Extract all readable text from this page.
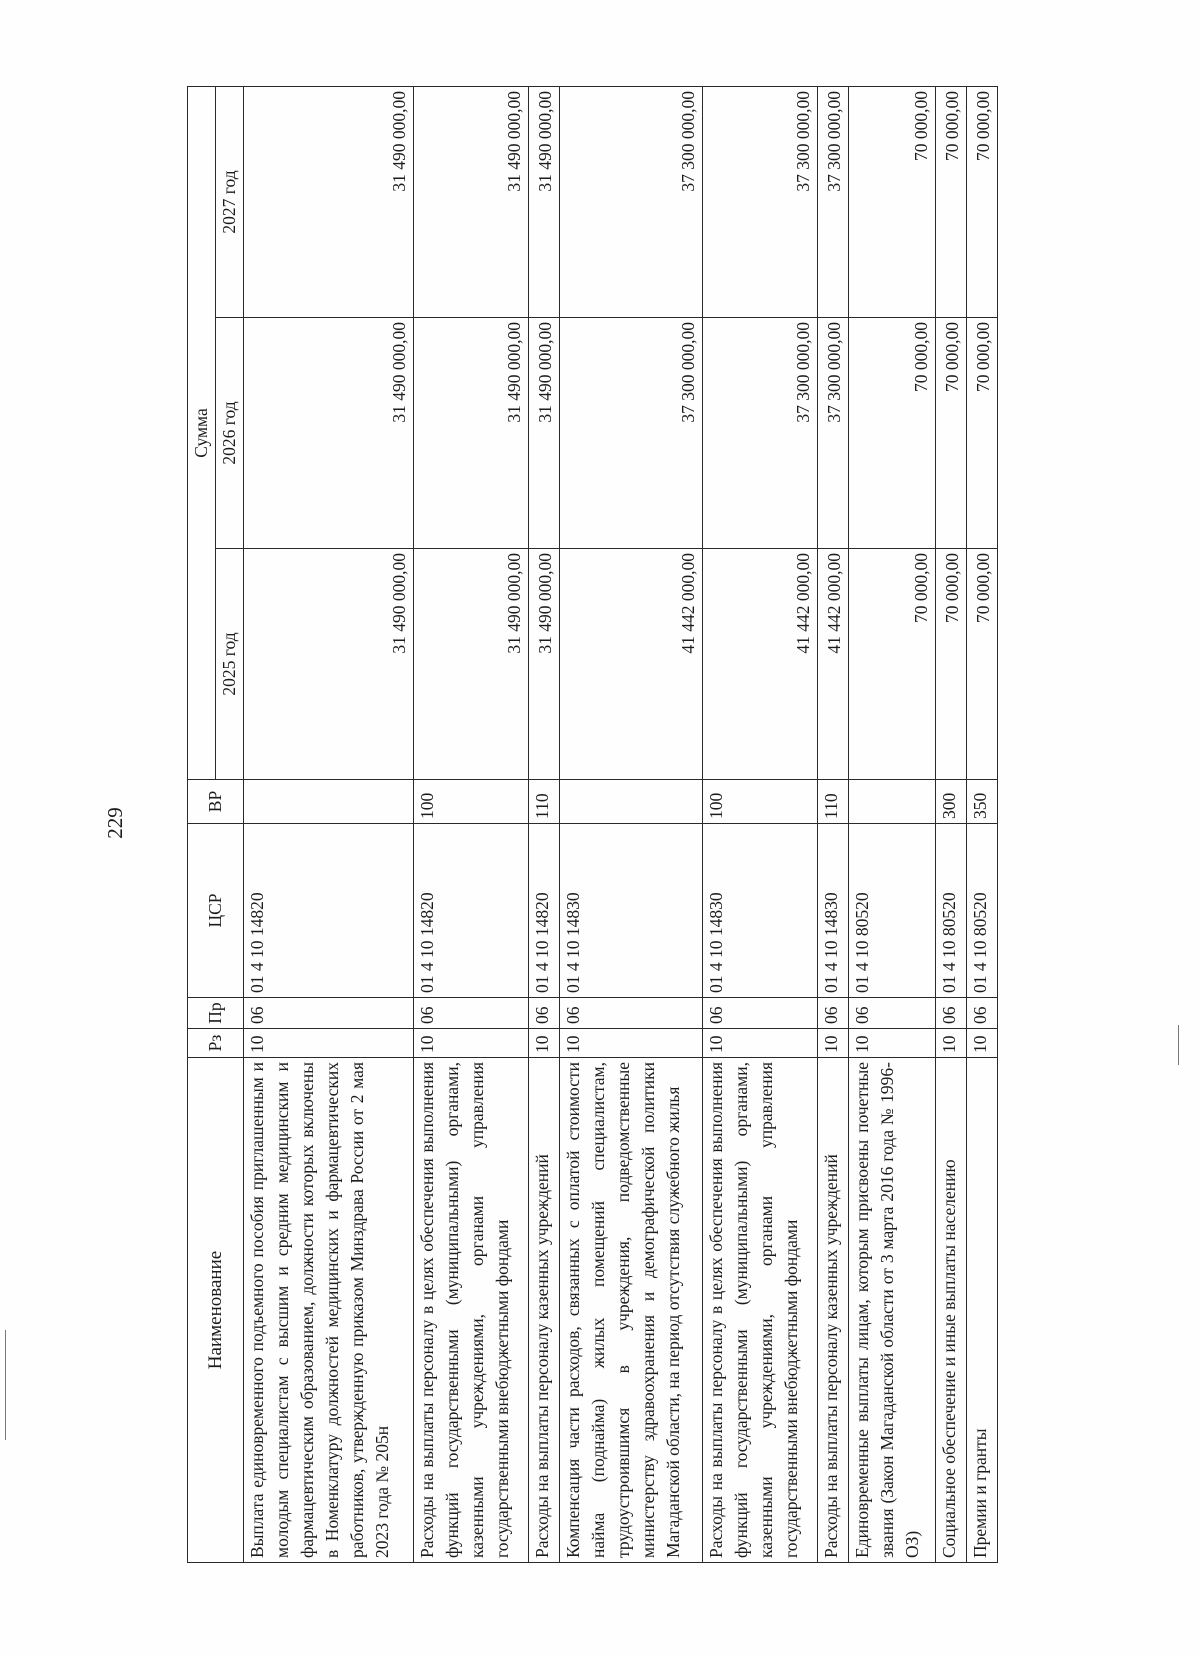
229
Наименование	Рз	Пр	ЦСР	ВР	Сумма		
					2025 год	2026 год	2027 год
Выплата единовременного подъемного пособия приглашенным и молодым специалистам с высшим и средним медицинским и фармацевтическим образованием, должности которых включены в Номенклатуру должностей медицинских и фармацевтических работников, утвержденную приказом Минздрава России от 2 мая 2023 года № 205н	10	06	01 4 10 14820		31 490 000,00	31 490 000,00	31 490 000,00
Расходы на выплаты персоналу в целях обеспечения выполнения функций государственными (муниципальными) органами, казенными учреждениями, органами управления государственными внебюджетными фондами	10	06	01 4 10 14820	100	31 490 000,00	31 490 000,00	31 490 000,00
Расходы на выплаты персоналу казенных учреждений	10	06	01 4 10 14820	110	31 490 000,00	31 490 000,00	31 490 000,00
Компенсация части расходов, связанных с оплатой стоимости найма (поднайма) жилых помещений специалистам, трудоустроившимся в учреждения, подведомственные министерству здравоохранения и демографической политики Магаданской области, на период отсутствия служебного жилья	10	06	01 4 10 14830		41 442 000,00	37 300 000,00	37 300 000,00
Расходы на выплаты персоналу в целях обеспечения выполнения функций государственными (муниципальными) органами, казенными учреждениями, органами управления государственными внебюджетными фондами	10	06	01 4 10 14830	100	41 442 000,00	37 300 000,00	37 300 000,00
Расходы на выплаты персоналу казенных учреждений	10	06	01 4 10 14830	110	41 442 000,00	37 300 000,00	37 300 000,00
Единовременные выплаты лицам, которым присвоены почетные звания (Закон Магаданской области от 3 марта 2016 года № 1996-ОЗ)	10	06	01 4 10 80520		70 000,00	70 000,00	70 000,00
Социальное обеспечение и иные выплаты населению	10	06	01 4 10 80520	300	70 000,00	70 000,00	70 000,00
Премии и гранты	10	06	01 4 10 80520	350	70 000,00	70 000,00	70 000,00
